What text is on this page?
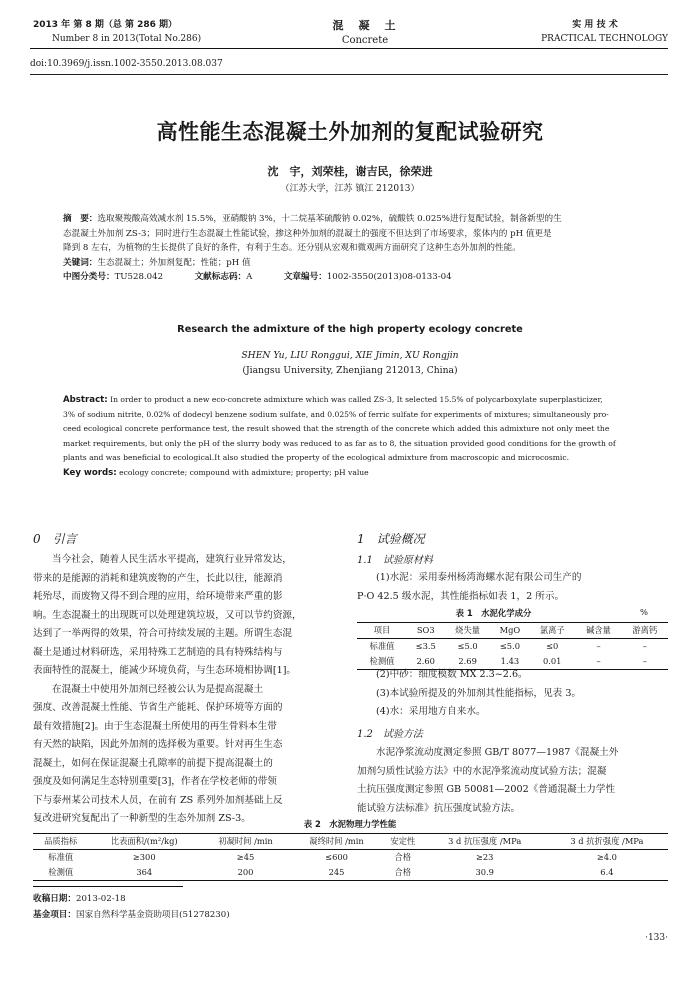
2013 年 第 8 期（总 第 286 期）
Number 8 in 2013(Total No.286)
混　凝　土
Concrete
实 用 技 术
PRACTICAL TECHNOLOGY
doi:10.3969/j.issn.1002-3550.2013.08.037
高性能生态混凝土外加剂的复配试验研究
沈　宇，刘荣桂，谢吉民，徐荣进
（江苏大学，江苏 镇江 212013）
摘　要：选取聚羧酸高效减水剂 15.5%，亚硝酸钠 3%，十二烷基苯硫酸钠 0.02%，硫酸铁 0.025%进行复配试验，制备新型的生
态混凝土外加剂 ZS-3；同时进行生态混凝土性能试验，掺这种外加剂的混凝土的强度不但达到了市场要求，浆体内的 pH 值更是
降到 8 左右，为植物的生长提供了良好的条件，有利于生态。还分别从宏观和微观两方面研究了这种生态外加剂的性能。
关键词：生态混凝土；外加剂复配；性能；pH 值
中图分类号：TU528.042	文献标志码：A	文章编号：1002-3550(2013)08-0133-04
Research the admixture of the high property ecology concrete
SHEN Yu, LIU Ronggui, XIE Jimin, XU Rongjin
(Jiangsu University, Zhenjiang 212013, China)
Abstract: In order to product a new eco-concrete admixture which was called ZS-3, It selected 15.5% of polycarboxylate superplasticizer,
3% of sodium nitrite, 0.02% of dodecyl benzene sodium sulfate, and 0.025% of ferric sulfate for experiments of mixtures; simultaneously pro-
ceed ecological concrete performance test, the result showed that the strength of the concrete which added this admixture not only meet the
market requirements, but only the pH of the slurry body was reduced to as far as to 8, the situation provided good conditions for the growth of
plants and was beneficial to ecological.It also studied the property of the ecological admixture from macroscopic and microcosmic.
Key words: ecology concrete; compound with admixture; property; pH value
0　引言
当今社会，随着人民生活水平提高，建筑行业异常发达，
带来的是能源的消耗和建筑废物的产生，长此以往，能源消
耗殆尽，而废物又得不到合理的应用，给环境带来严重的影
响。生态混凝土的出现既可以处理建筑垃圾，又可以节约资源，
达到了一举两得的效果，符合可持续发展的主题。所谓生态混
凝土是通过材料研选，采用特殊工艺制造的具有特殊结构与
表面特性的混凝土，能减少环境负荷，与生态环境相协调[1]。
在混凝土中使用外加剂已经被公认为是提高混凝土
强度、改善混凝土性能、节省生产能耗、保护环境等方面的
最有效措施[2]。由于生态混凝土所使用的再生骨料本生带
有天然的缺陷，因此外加剂的选择极为重要。针对再生生态
混凝土，如何在保证混凝土孔隙率的前提下提高混凝土的
强度及如何满足生态特别重要[3]，作者在学校老师的带领
下与泰州某公司技术人员，在前有 ZS 系列外加剂基础上反
复改进研究复配出了一种新型的生态外加剂 ZS-3。
1　试验概况
1.1　试验原材料
(1)水泥：采用泰州杨湾海螺水泥有限公司生产的
P·O 42.5 级水泥，其性能指标如表 1，2 所示。
表 1　水泥化学成分	%
项目	SO3	烧失量	MgO	氯离子	碱含量	游离钙
标准值	≤3.5	≤5.0	≤5.0	≤0	–	–
检测值	2.60	2.69	1.43	0.01	–	–
(2)中砂：细度模数 MX 2.3~2.6。
(3)本试验所提及的外加剂其性能指标，见表 3。
(4)水：采用地方自来水。
1.2　试验方法
水泥净浆流动度测定参照 GB/T 8077—1987《混凝土外
加剂匀质性试验方法》中的水泥净浆流动度试验方法；混凝
土抗压强度测定参照 GB 50081—2002《普通混凝土力学性
能试验方法标准》抗压强度试验方法。
表 2　水泥物理力学性能
品质指标	比表面积/(m²/kg)	初凝时间 /min	凝终时间 /min	安定性	3 d 抗压强度 /MPa	3 d 抗折强度 /MPa
标准值	≥300	≥45	≤600	合格	≥23	≥4.0
检测值	364	200	245	合格	30.9	6.4
收稿日期：2013-02-18
基金项目：国家自然科学基金资助项目(51278230)
·133·
